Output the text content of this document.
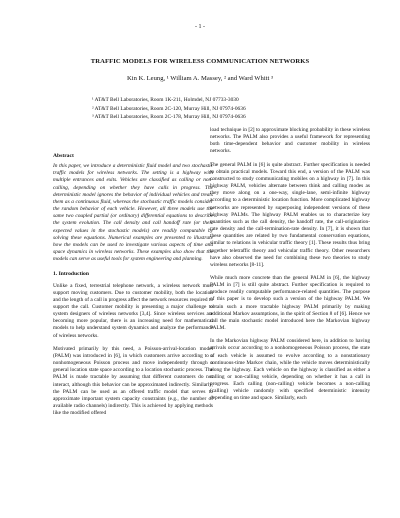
- 1 -
TRAFFIC MODELS FOR WIRELESS COMMUNICATION NETWORKS
Kin K. Leung, ¹ William A. Massey, ² and Ward Whitt ³
¹ AT&T Bell Laboratories, Room 1K-211, Holmdel, NJ 07733-3030
² AT&T Bell Laboratories, Room 2C-120, Murray Hill, NJ 07974-0636
³ AT&T Bell Laboratories, Room 2C-178, Murray Hill, NJ 07974-0636
Abstract

In this paper, we introduce a deterministic fluid model and two stochastic traffic models for wireless networks. The setting is a highway with multiple entrances and exits. Vehicles are classified as calling or non-calling, depending on whether they have calls in progress. The deterministic model ignores the behavior of individual vehicles and treats them as a continuous fluid, whereas the stochastic traffic models consider the random behavior of each vehicle. However, all three models use the same two coupled partial (or ordinary) differential equations to describe the system evolution. The call density and call handoff rate (or their expected values in the stochastic models) are readily computable by solving these equations. Numerical examples are presented to illustrate how the models can be used to investigate various aspects of time and space dynamics in wireless networks. These examples also show that the models can serve as useful tools for system engineering and planning.

1. Introduction

Unlike a fixed, terrestrial telephone network, a wireless network must support moving customers. Due to customer mobility, both the location and the length of a call in progress affect the network resources required to support the call. Customer mobility is presenting a major challenge to system designers of wireless networks [3,4]. Since wireless services are becoming more popular, there is an increasing need for mathematical models to help understand system dynamics and analyze the performance of wireless networks.

Motivated primarily by this need, a Poisson-arrival-location model (PALM) was introduced in [6], in which customers arrive according to a nonhomogeneous Poisson process and move independently through a general location state space according to a location stochastic process. The PALM is made tractable by assuming that different customers do not interact, although this behavior can be approximated indirectly. Similarly, the PALM can be used as an offered traffic model that serves to approximate important system capacity constraints (e.g., the number of available radio channels) indirectly. This is achieved by applying methods like the modified offered

load technique in [2] to approximate blocking probability in these wireless networks. The PALM also provides a useful framework for representing both time-dependent behavior and customer mobility in wireless networks.

The general PALM in [6] is quite abstract. Further specification is needed to obtain practical models. Toward this end, a version of the PALM was constructed to study communicating mobiles on a highway in [7]. In this highway PALM, vehicles alternate between think and calling modes as they move along on a one-way, single-lane, semi-infinite highway according to a deterministic location function. More complicated highway networks are represented by superposing independent versions of these highway PALMs. The highway PALM enables us to characterize key quantities such as the call density, the handoff rate, the call-origination-rate density and the call-termination-rate density. In [7], it is shown that these quantities are related by two fundamental conservation equations, similar to relations in vehicular traffic theory [1]. These results thus bring together teletraffic theory and vehicular traffic theory. Other researchers have also observed the need for combining these two theories to study wireless networks [8-11].

While much more concrete than the general PALM in [6], the highway PALM in [7] is still quite abstract. Further specification is required to produce readily computable performance-related quantities. The purpose of this paper is to develop such a version of the highway PALM. We obtain such a more tractable highway PALM primarily by making additional Markov assumptions, in the spirit of Section 8 of [6]. Hence we call the main stochastic model introduced here the Markovian highway PALM.

In the Markovian highway PALM considered here, in addition to having arrivals occur according to a nonhomogeneous Poisson process, the state of each vehicle is assumed to evolve according to a nonstationary continuous-time Markov chain, while the vehicle moves deterministically along the highway. Each vehicle on the highway is classified as either a calling or non-calling vehicle, depending on whether it has a call in progress. Each calling (non-calling) vehicle becomes a non-calling (calling) vehicle randomly with specified deterministic intensity depending on time and space. Similarly, each
